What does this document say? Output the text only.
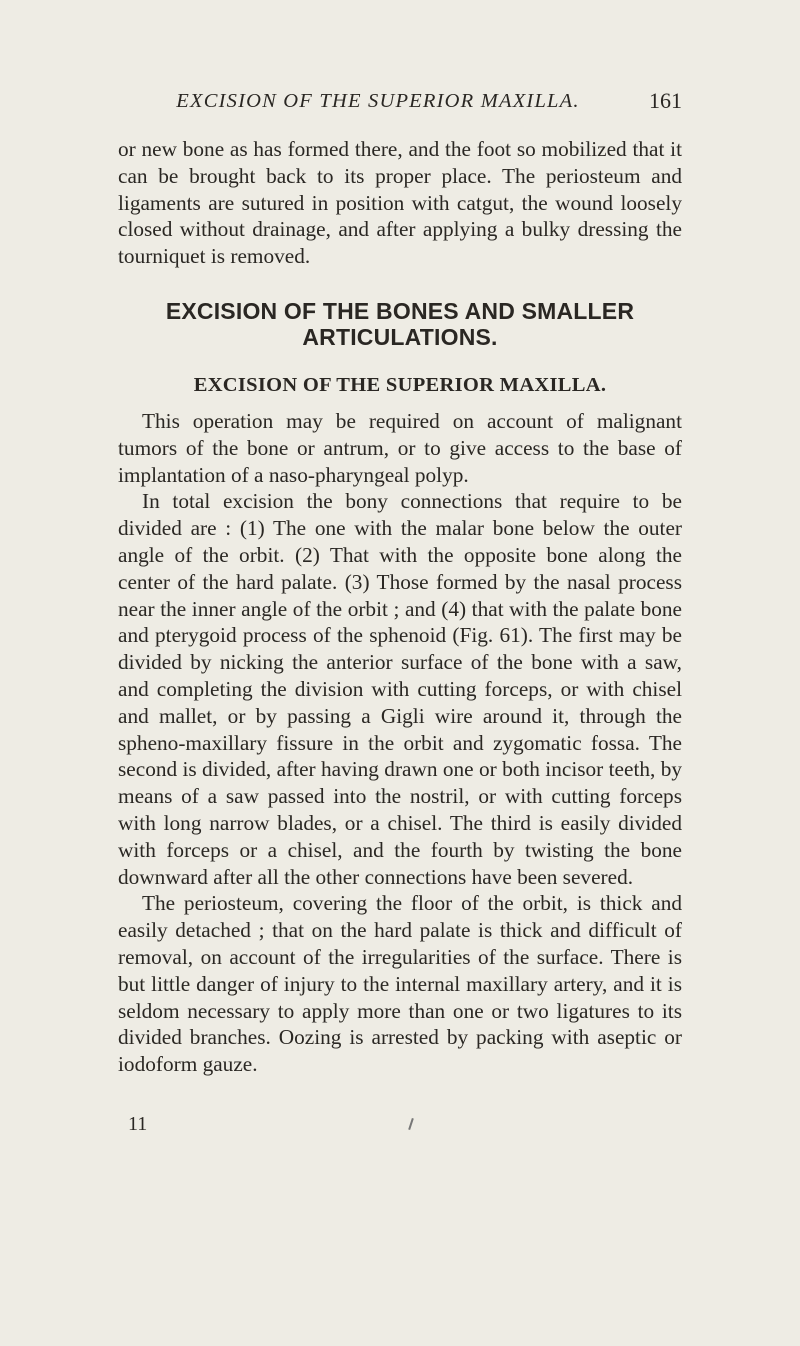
EXCISION OF THE SUPERIOR MAXILLA.	161

or new bone as has formed there, and the foot so mobilized that it can be brought back to its proper place. The periosteum and ligaments are sutured in position with catgut, the wound loosely closed without drainage, and after applying a bulky dressing the tourniquet is removed.

EXCISION OF THE BONES AND SMALLER
ARTICULATIONS.
EXCISION OF THE SUPERIOR MAXILLA.

This operation may be required on account of malignant tumors of the bone or antrum, or to give access to the base of implantation of a naso-pharyngeal polyp.

In total excision the bony connections that require to be divided are : (1) The one with the malar bone below the outer angle of the orbit. (2) That with the opposite bone along the center of the hard palate. (3) Those formed by the nasal process near the inner angle of the orbit ; and (4) that with the palate bone and pterygoid process of the sphenoid (Fig. 61). The first may be divided by nicking the anterior surface of the bone with a saw, and completing the division with cutting forceps, or with chisel and mallet, or by passing a Gigli wire around it, through the spheno-maxillary fissure in the orbit and zygomatic fossa. The second is divided, after having drawn one or both incisor teeth, by means of a saw passed into the nostril, or with cutting forceps with long narrow blades, or a chisel. The third is easily divided with forceps or a chisel, and the fourth by twisting the bone downward after all the other connections have been severed.

The periosteum, covering the floor of the orbit, is thick and easily detached ; that on the hard palate is thick and difficult of removal, on account of the irregularities of the surface. There is but little danger of injury to the internal maxillary artery, and it is seldom necessary to apply more than one or two ligatures to its divided branches. Oozing is arrested by packing with aseptic or iodoform gauze.

11
